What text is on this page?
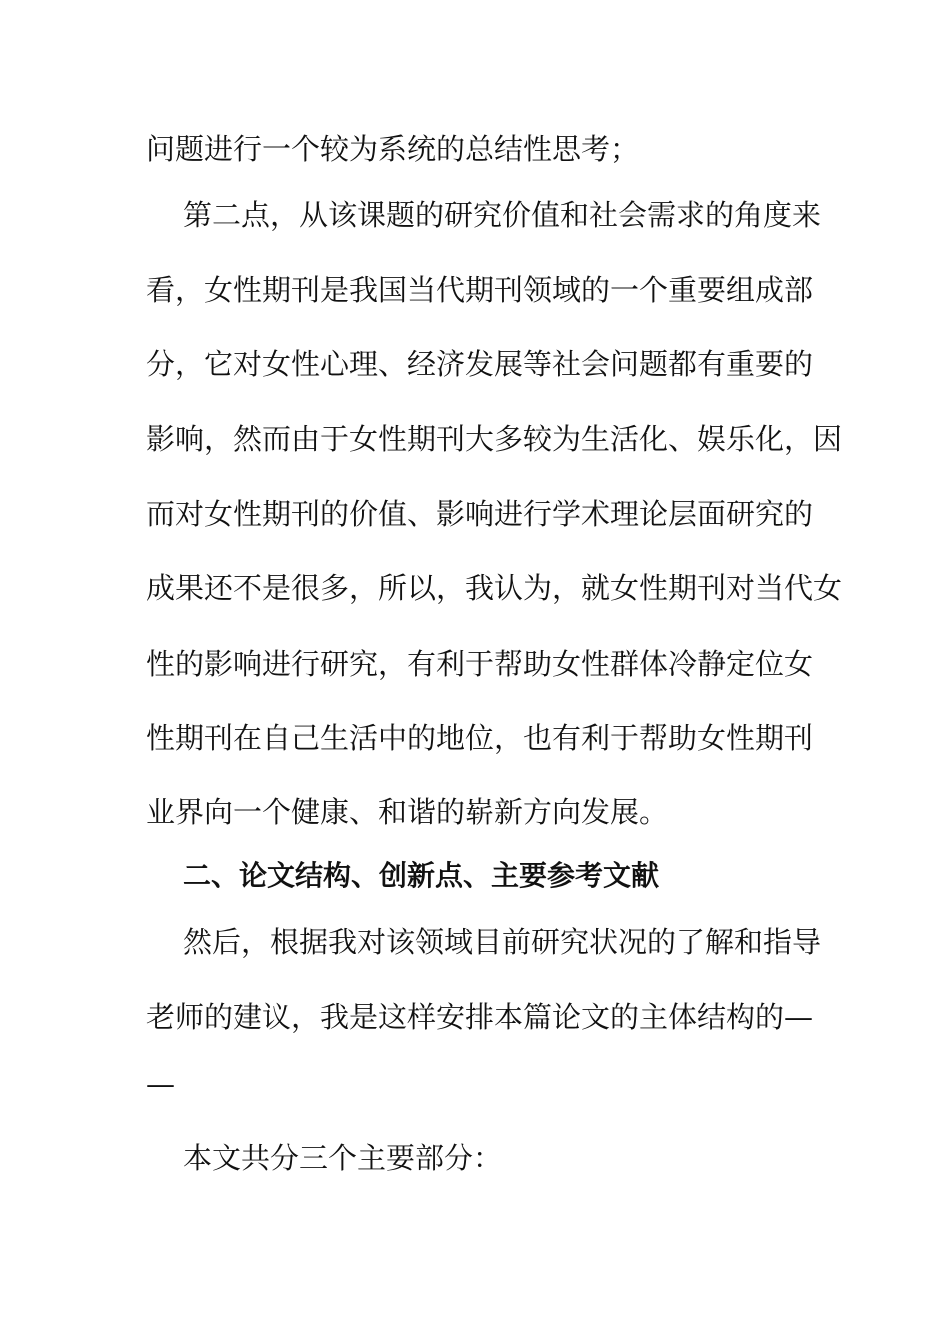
问题进行一个较为系统的总结性思考；
第二点，从该课题的研究价值和社会需求的角度来
看，女性期刊是我国当代期刊领域的一个重要组成部
分，它对女性心理、经济发展等社会问题都有重要的
影响，然而由于女性期刊大多较为生活化、娱乐化，因
而对女性期刊的价值、影响进行学术理论层面研究的
成果还不是很多，所以，我认为，就女性期刊对当代女
性的影响进行研究，有利于帮助女性群体冷静定位女
性期刊在自己生活中的地位，也有利于帮助女性期刊
业界向一个健康、和谐的崭新方向发展。
二、论文结构、创新点、主要参考文献
然后，根据我对该领域目前研究状况的了解和指导
老师的建议，我是这样安排本篇论文的主体结构的—
—
本文共分三个主要部分：
